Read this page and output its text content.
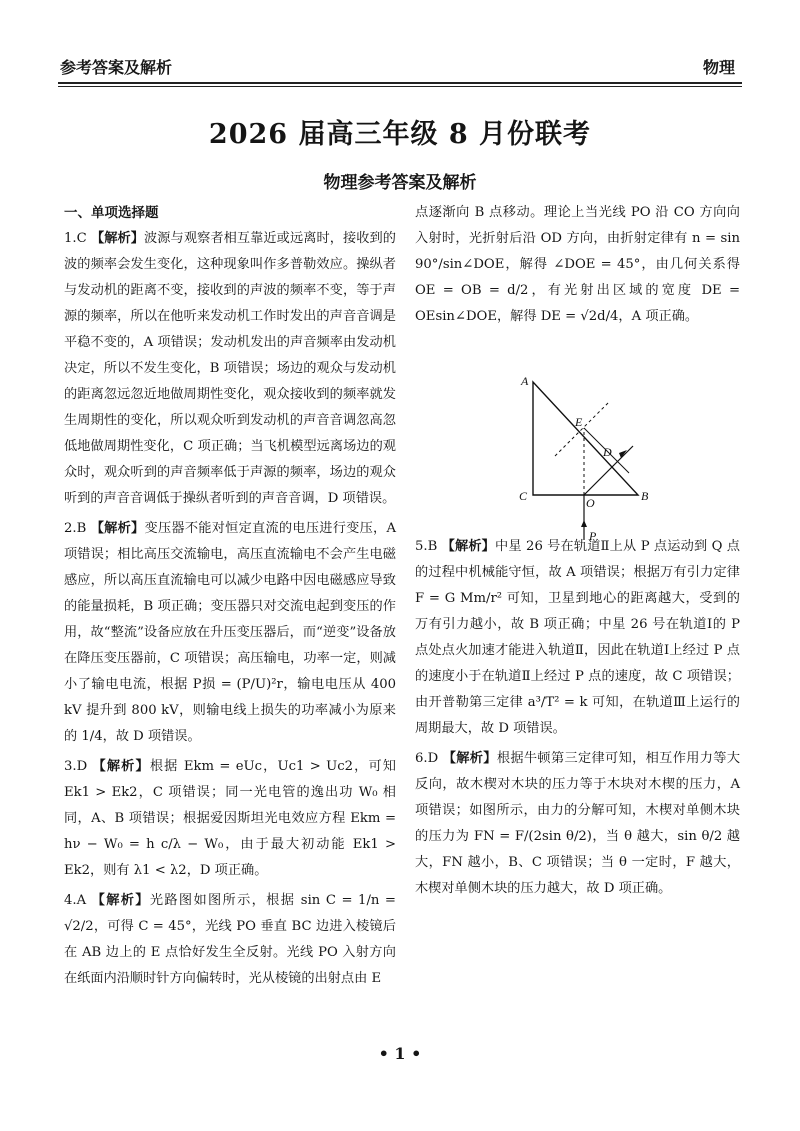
参考答案及解析	物理
2026 届高三年级 8 月份联考
物理参考答案及解析
一、单项选择题
1.C 【解析】波源与观察者相互靠近或远离时，接收到的波的频率会发生变化，这种现象叫作多普勒效应。操纵者与发动机的距离不变，接收到的声波的频率不变，等于声源的频率，所以在他听来发动机工作时发出的声音音调是平稳不变的，A 项错误；发动机发出的声音频率由发动机决定，所以不发生变化，B 项错误；场边的观众与发动机的距离忽远忽近地做周期性变化，观众接收到的频率就发生周期性的变化，所以观众听到发动机的声音音调忽高忽低地做周期性变化，C 项正确；当飞机模型远离场边的观众时，观众听到的声音频率低于声源的频率，场边的观众听到的声音音调低于操纵者听到的声音音调，D 项错误。
2.B 【解析】变压器不能对恒定直流的电压进行变压，A 项错误；相比高压交流输电，高压直流输电不会产生电磁感应，所以高压直流输电可以减少电路中因电磁感应导致的能量损耗，B 项正确；变压器只对交流电起到变压的作用，故“整流”设备应放在升压变压器后，而“逆变”设备放在降压变压器前，C 项错误；高压输电，功率一定，则减小了输电电流，根据 P损 = (P/U)²r，输电电压从 400 kV 提升到 800 kV，则输电线上损失的功率减小为原来的 1/4，故 D 项错误。
3.D 【解析】根据 Ekm = eUc，Uc1 > Uc2，可知 Ek1 > Ek2，C 项错误；同一光电管的逸出功 W₀ 相同，A、B 项错误；根据爱因斯坦光电效应方程 Ekm = hν − W₀ = h c/λ − W₀，由于最大初动能 Ek1 > Ek2，则有 λ1 < λ2，D 项正确。
4.A 【解析】光路图如图所示，根据 sin C = 1/n = √2/2，可得 C = 45°，光线 PO 垂直 BC 边进入棱镜后在 AB 边上的 E 点恰好发生全反射。光线 PO 入射方向在纸面内沿顺时针方向偏转时，光从棱镜的出射点由 E
点逐渐向 B 点移动。理论上当光线 PO 沿 CO 方向向入射时，光折射后沿 OD 方向，由折射定律有 n = sin 90°/sin∠DOE，解得 ∠DOE = 45°，由几何关系得 OE = OB = d/2，有光射出区域的宽度 DE = OEsin∠DOE，解得 DE = √2d/4，A 项正确。
5.B 【解析】中星 26 号在轨道Ⅱ上从 P 点运动到 Q 点的过程中机械能守恒，故 A 项错误；根据万有引力定律 F = G Mm/r² 可知，卫星到地心的距离越大，受到的万有引力越小，故 B 项正确；中星 26 号在轨道Ⅰ的 P 点处点火加速才能进入轨道Ⅱ，因此在轨道Ⅰ上经过 P 点的速度小于在轨道Ⅱ上经过 P 点的速度，故 C 项错误；由开普勒第三定律 a³/T² = k 可知，在轨道Ⅲ上运行的周期最大，故 D 项错误。
6.D 【解析】根据牛顿第三定律可知，相互作用力等大反向，故木楔对木块的压力等于木块对木楔的压力，A 项错误；如图所示，由力的分解可知，木楔对单侧木块的压力为 FN = F/(2sin θ/2)，当 θ 越大，sin θ/2 越大，FN 越小，B、C 项错误；当 θ 一定时，F 越大，木楔对单侧木块的压力越大，故 D 项正确。
A
E
D
C	O	B
P
• 1 •
